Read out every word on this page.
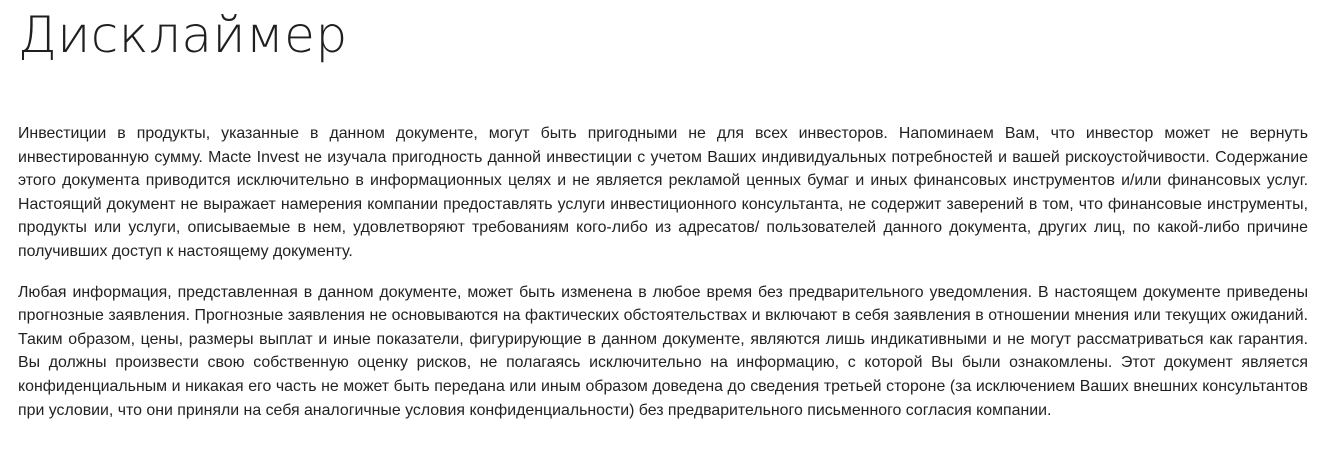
Дисклаймер

Инвестиции в продукты, указанные в данном документе, могут быть пригодными не для всех инвесторов. Напоминаем Вам, что инвестор может не вернуть инвестированную сумму. Macte Invest не изучала пригодность данной инвестиции с учетом Ваших индивидуальных потребностей и вашей рискоустойчивости. Содержание этого документа приводится исключительно в информационных целях и не является рекламой ценных бумаг и иных финансовых инструментов и/или финансовых услуг. Настоящий документ не выражает намерения компании предоставлять услуги инвестиционного консультанта, не содержит заверений в том, что финансовые инструменты, продукты или услуги, описываемые в нем, удовлетворяют требованиям кого-либо из адресатов/ пользователей данного документа, других лиц, по какой-либо причине получивших доступ к настоящему документу.

Любая информация, представленная в данном документе, может быть изменена в любое время без предварительного уведомления. В настоящем документе приведены прогнозные заявления. Прогнозные заявления не основываются на фактических обстоятельствах и включают в себя заявления в отношении мнения или текущих ожиданий. Таким образом, цены, размеры выплат и иные показатели, фигурирующие в данном документе, являются лишь индикативными и не могут рассматриваться как гарантия. Вы должны произвести свою собственную оценку рисков, не полагаясь исключительно на информацию, с которой Вы были ознакомлены. Этот документ является конфиденциальным и никакая его часть не может быть передана или иным образом доведена до сведения третьей стороне (за исключением Ваших внешних консультантов при условии, что они приняли на себя аналогичные условия конфиденциальности) без предварительного письменного согласия компании.
